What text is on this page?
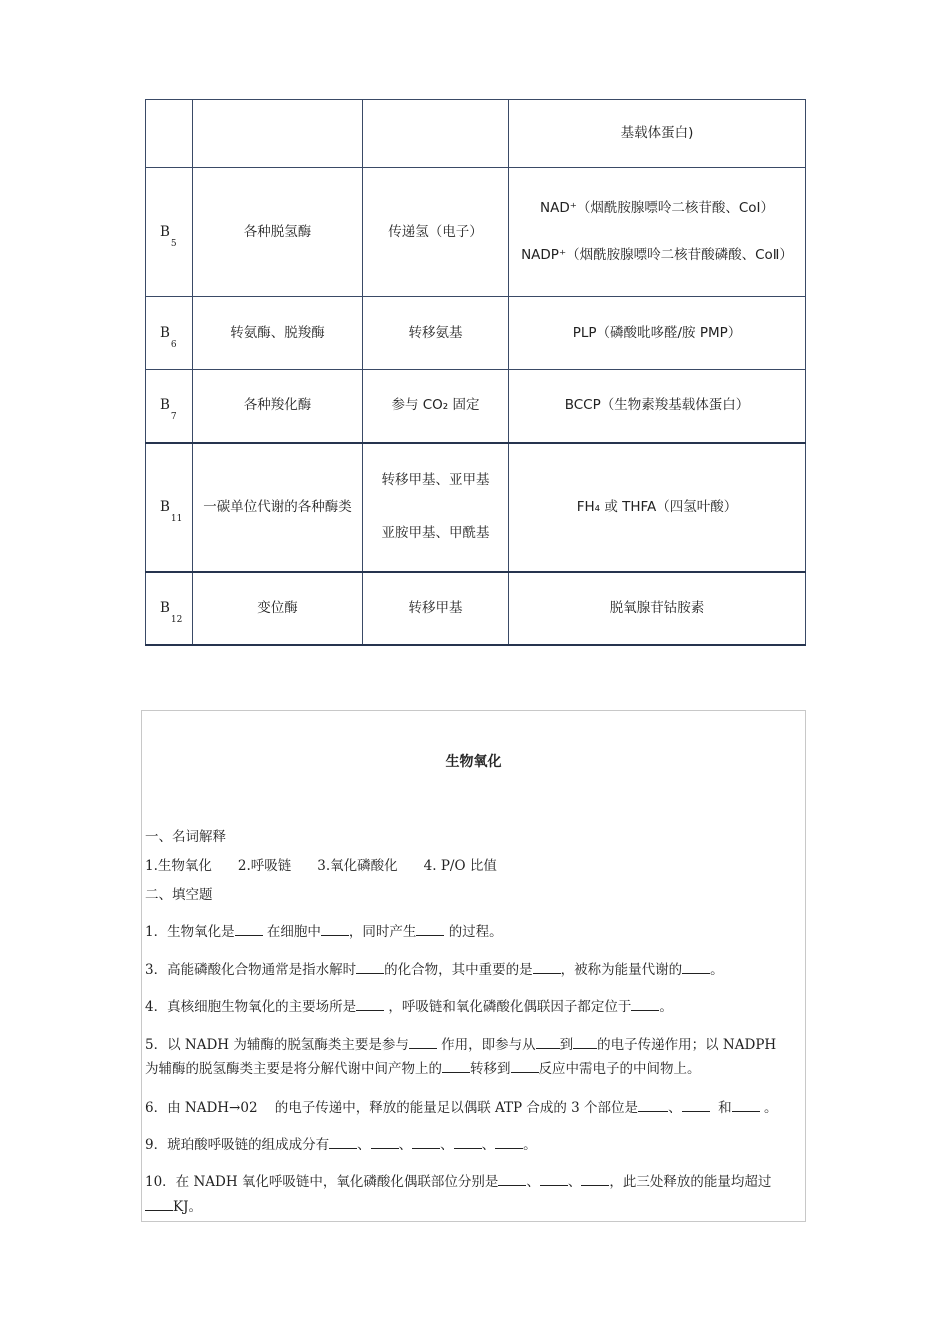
			基载体蛋白)
B5	各种脱氢酶	传递氢（电子）	NAD⁺（烟酰胺腺嘌呤二核苷酸、CoⅠ）
NADP⁺（烟酰胺腺嘌呤二核苷酸磷酸、CoⅡ）

B6	转氨酶、脱羧酶	转移氨基	PLP（磷酸吡哆醛/胺 PMP）
B7	各种羧化酶	参与 CO₂ 固定	BCCP（生物素羧基载体蛋白）
B11	一碳单位代谢的各种酶类	转移甲基、亚甲基
亚胺甲基、甲酰基	FH₄ 或 THFA（四氢叶酸）
B12	变位酶	转移甲基	脱氧腺苷钴胺素
生物氧化
一、名词解释
1.生物氧化 2.呼吸链 3.氧化磷酸化 4. P/O 比值
二、填空题
1．生物氧化是 在细胞中 ，同时产生 的过程。
3．高能磷酸化合物通常是指水解时 的化合物，其中重要的是 ，被称为能量代谢的 。
4．真核细胞生物氧化的主要场所是 ，呼吸链和氧化磷酸化偶联因子都定位于 。
5．以 NADH 为辅酶的脱氢酶类主要是参与 作用，即参与从 到 的电子传递作用；以 NADPH
为辅酶的脱氢酶类主要是将分解代谢中间产物上的 转移到 反应中需电子的中间物上。
6．由 NADH→02 的电子传递中，释放的能量足以偶联 ATP 合成的 3 个部位是 、	和 。
9．琥珀酸呼吸链的组成成分有 、 、 、 、 。
10．在 NADH 氧化呼吸链中，氧化磷酸化偶联部位分别是 、 、 ，此三处释放的能量均超过
KJ。
